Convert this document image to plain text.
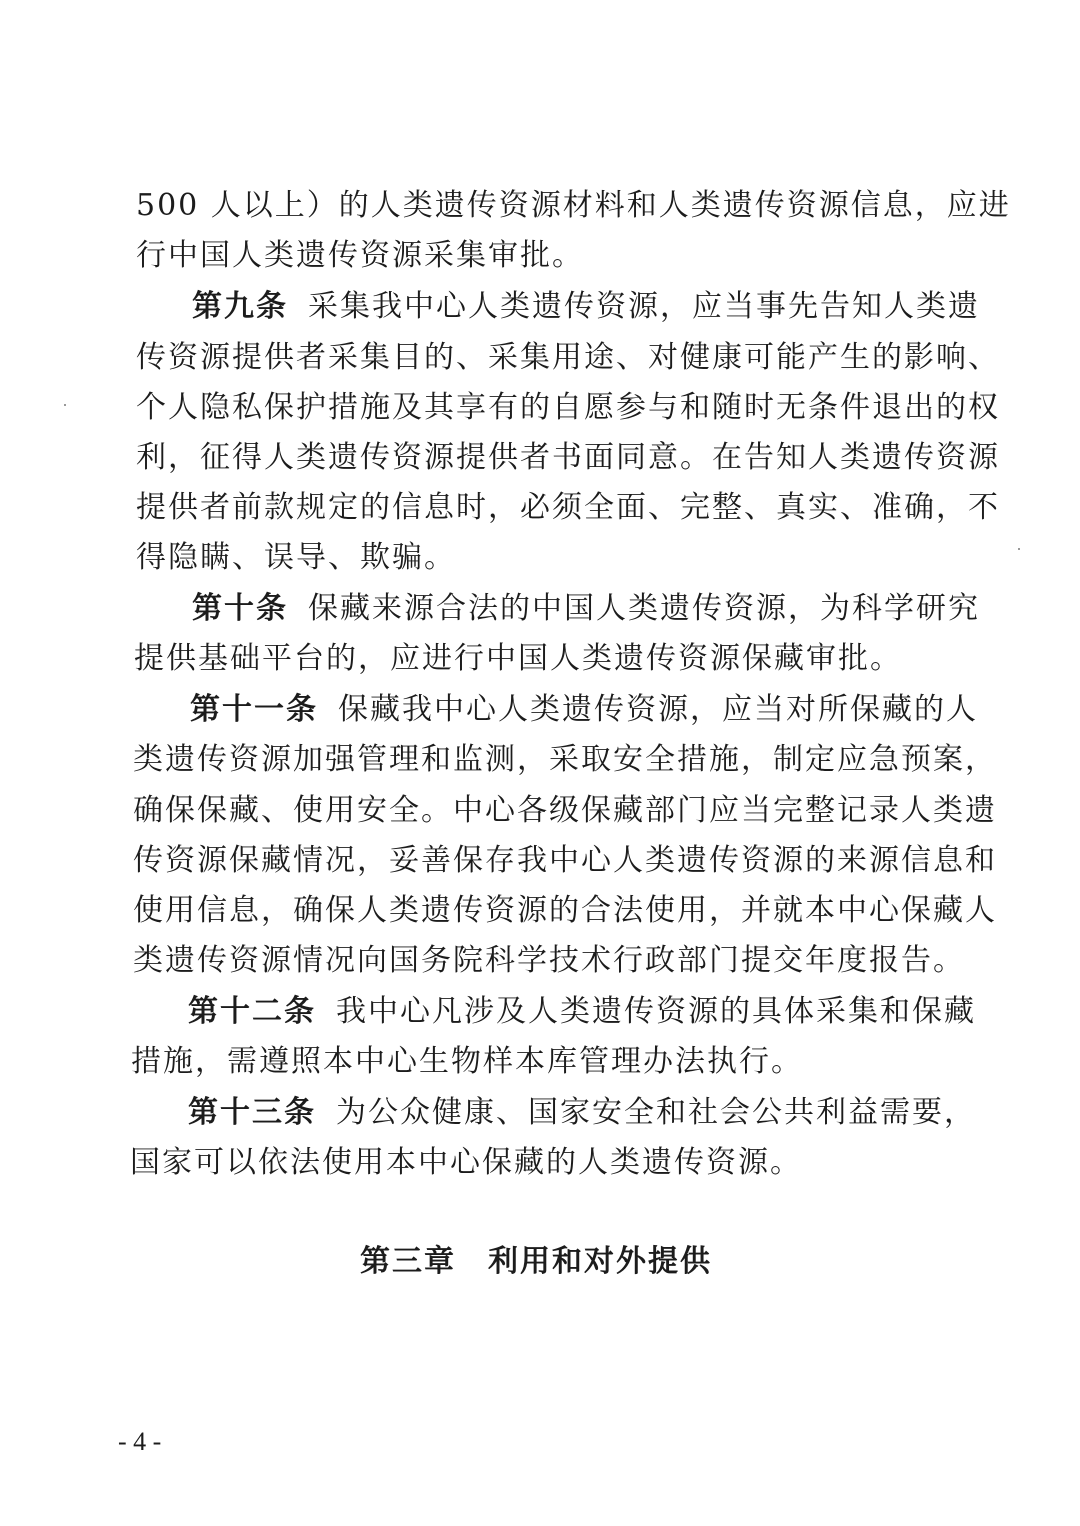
500 人以上）的人类遗传资源材料和人类遗传资源信息，应进
行中国人类遗传资源采集审批。
第九条 采集我中心人类遗传资源，应当事先告知人类遗
传资源提供者采集目的、采集用途、对健康可能产生的影响、
个人隐私保护措施及其享有的自愿参与和随时无条件退出的权
利，征得人类遗传资源提供者书面同意。在告知人类遗传资源
提供者前款规定的信息时，必须全面、完整、真实、准确，不
得隐瞒、误导、欺骗。
第十条 保藏来源合法的中国人类遗传资源，为科学研究
提供基础平台的，应进行中国人类遗传资源保藏审批。
第十一条 保藏我中心人类遗传资源，应当对所保藏的人
类遗传资源加强管理和监测，采取安全措施，制定应急预案，
确保保藏、使用安全。中心各级保藏部门应当完整记录人类遗
传资源保藏情况，妥善保存我中心人类遗传资源的来源信息和
使用信息，确保人类遗传资源的合法使用，并就本中心保藏人
类遗传资源情况向国务院科学技术行政部门提交年度报告。
第十二条 我中心凡涉及人类遗传资源的具体采集和保藏
措施，需遵照本中心生物样本库管理办法执行。
第十三条 为公众健康、国家安全和社会公共利益需要，
国家可以依法使用本中心保藏的人类遗传资源。
第三章　利用和对外提供
- 4 -
